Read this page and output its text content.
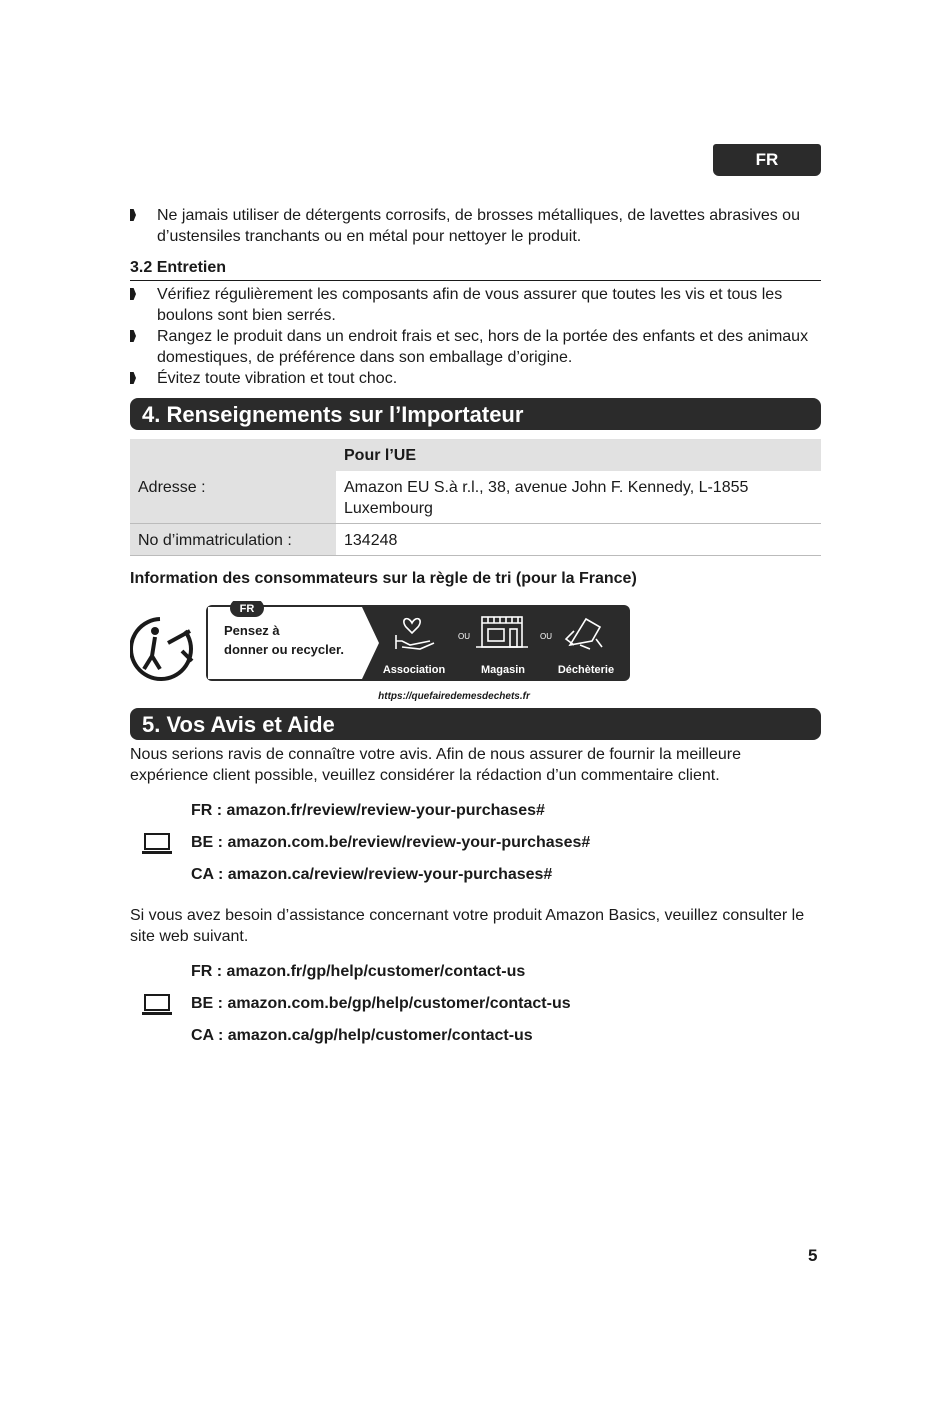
FR
Ne jamais utiliser de détergents corrosifs, de brosses métalliques, de lavettes abrasives ou d’ustensiles tranchants ou en métal pour nettoyer le produit.
3.2 Entretien
Vérifiez régulièrement les composants afin de vous assurer que toutes les vis et tous les boulons sont bien serrés.
Rangez le produit dans un endroit frais et sec, hors de la portée des enfants et des animaux domestiques, de préférence dans son emballage d’origine.
Évitez toute vibration et tout choc.
4. Renseignements sur l’Importateur
	Pour l’UE
Adresse :	Amazon EU S.à r.l., 38, avenue John F. Kennedy, L-1855 Luxembourg
No d’immatriculation :	134248
Information des consommateurs sur la règle de tri (pour la France)
FR
Pensez à
donner ou recycler.
OU	OU
Association	Magasin	Déchèterie
https://quefairedemesdechets.fr
5. Vos Avis et Aide

Nous serions ravis de connaître votre avis. Afin de nous assurer de fournir la meilleure expérience client possible, veuillez considérer la rédaction d’un commentaire client.

FR : amazon.fr/review/review-your-purchases#
BE : amazon.com.be/review/review-your-purchases#
CA : amazon.ca/review/review-your-purchases#

Si vous avez besoin d’assistance concernant votre produit Amazon Basics, veuillez consulter le site web suivant.

FR : amazon.fr/gp/help/customer/contact-us
BE : amazon.com.be/gp/help/customer/contact-us
CA : amazon.ca/gp/help/customer/contact-us
5
